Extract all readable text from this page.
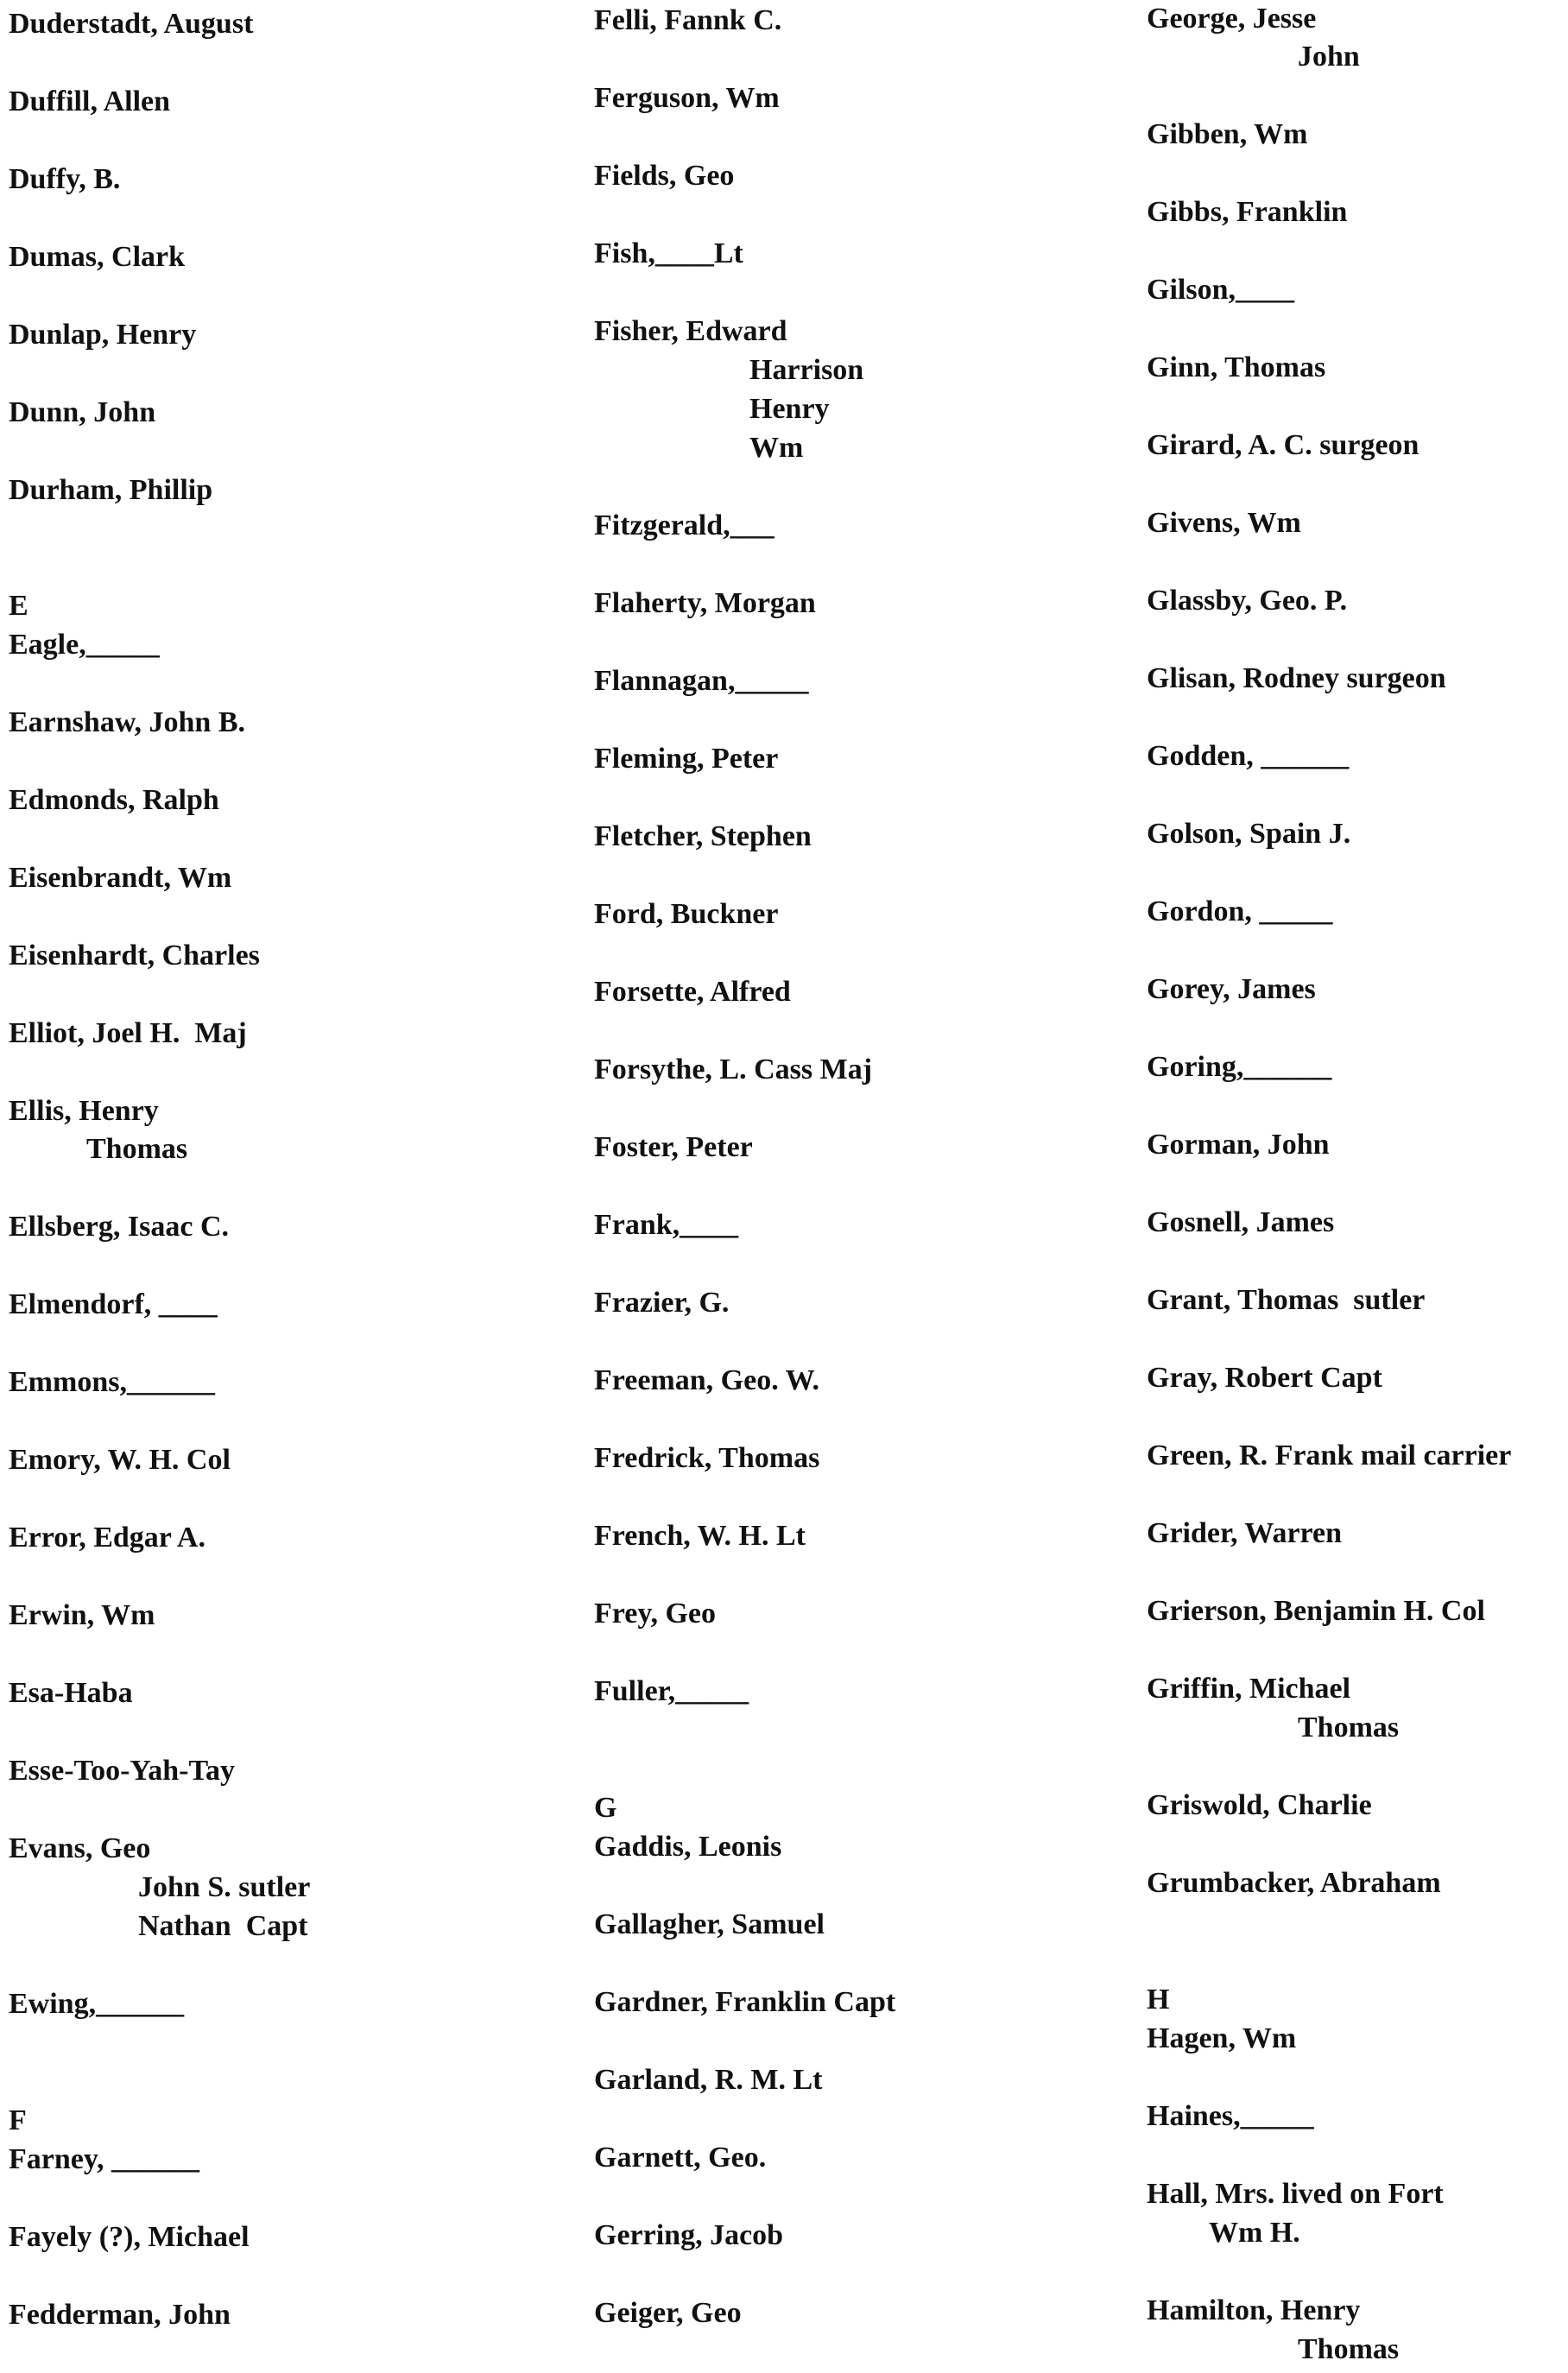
Duderstadt, August
Duffill, Allen
Duffy, B.
Dumas, Clark
Dunlap, Henry
Dunn, John
Durham, Phillip
E
Eagle,_____
Earnshaw, John B.
Edmonds, Ralph
Eisenbrandt, Wm
Eisenhardt, Charles
Elliot, Joel H.  Maj
Ellis, Henry
Thomas
Ellsberg, Isaac C.
Elmendorf, ____
Emmons,______
Emory, W. H. Col
Error, Edgar A.
Erwin, Wm
Esa-Haba
Esse-Too-Yah-Tay
Evans, Geo
John S. sutler
Nathan  Capt
Ewing,______
F
Farney, ______
Fayely (?), Michael
Fedderman, John
Felli, Fannk C.
Ferguson, Wm
Fields, Geo
Fish,____Lt
Fisher, Edward
Harrison
Henry
Wm
Fitzgerald,___
Flaherty, Morgan
Flannagan,_____
Fleming, Peter
Fletcher, Stephen
Ford, Buckner
Forsette, Alfred
Forsythe, L. Cass Maj
Foster, Peter
Frank,____
Frazier, G.
Freeman, Geo. W.
Fredrick, Thomas
French, W. H. Lt
Frey, Geo
Fuller,_____
G
Gaddis, Leonis
Gallagher, Samuel
Gardner, Franklin Capt
Garland, R. M. Lt
Garnett, Geo.
Gerring, Jacob
Geiger, Geo
George, Jesse
John
Gibben, Wm
Gibbs, Franklin
Gilson,____
Ginn, Thomas
Girard, A. C. surgeon
Givens, Wm
Glassby, Geo. P.
Glisan, Rodney surgeon
Godden, ______
Golson, Spain J.
Gordon, _____
Gorey, James
Goring,______
Gorman, John
Gosnell, James
Grant, Thomas  sutler
Gray, Robert Capt
Green, R. Frank mail carrier
Grider, Warren
Grierson, Benjamin H. Col
Griffin, Michael
Thomas
Griswold, Charlie
Grumbacker, Abraham
H
Hagen, Wm
Haines,_____
Hall, Mrs. lived on Fort
Wm H.
Hamilton, Henry
Thomas
